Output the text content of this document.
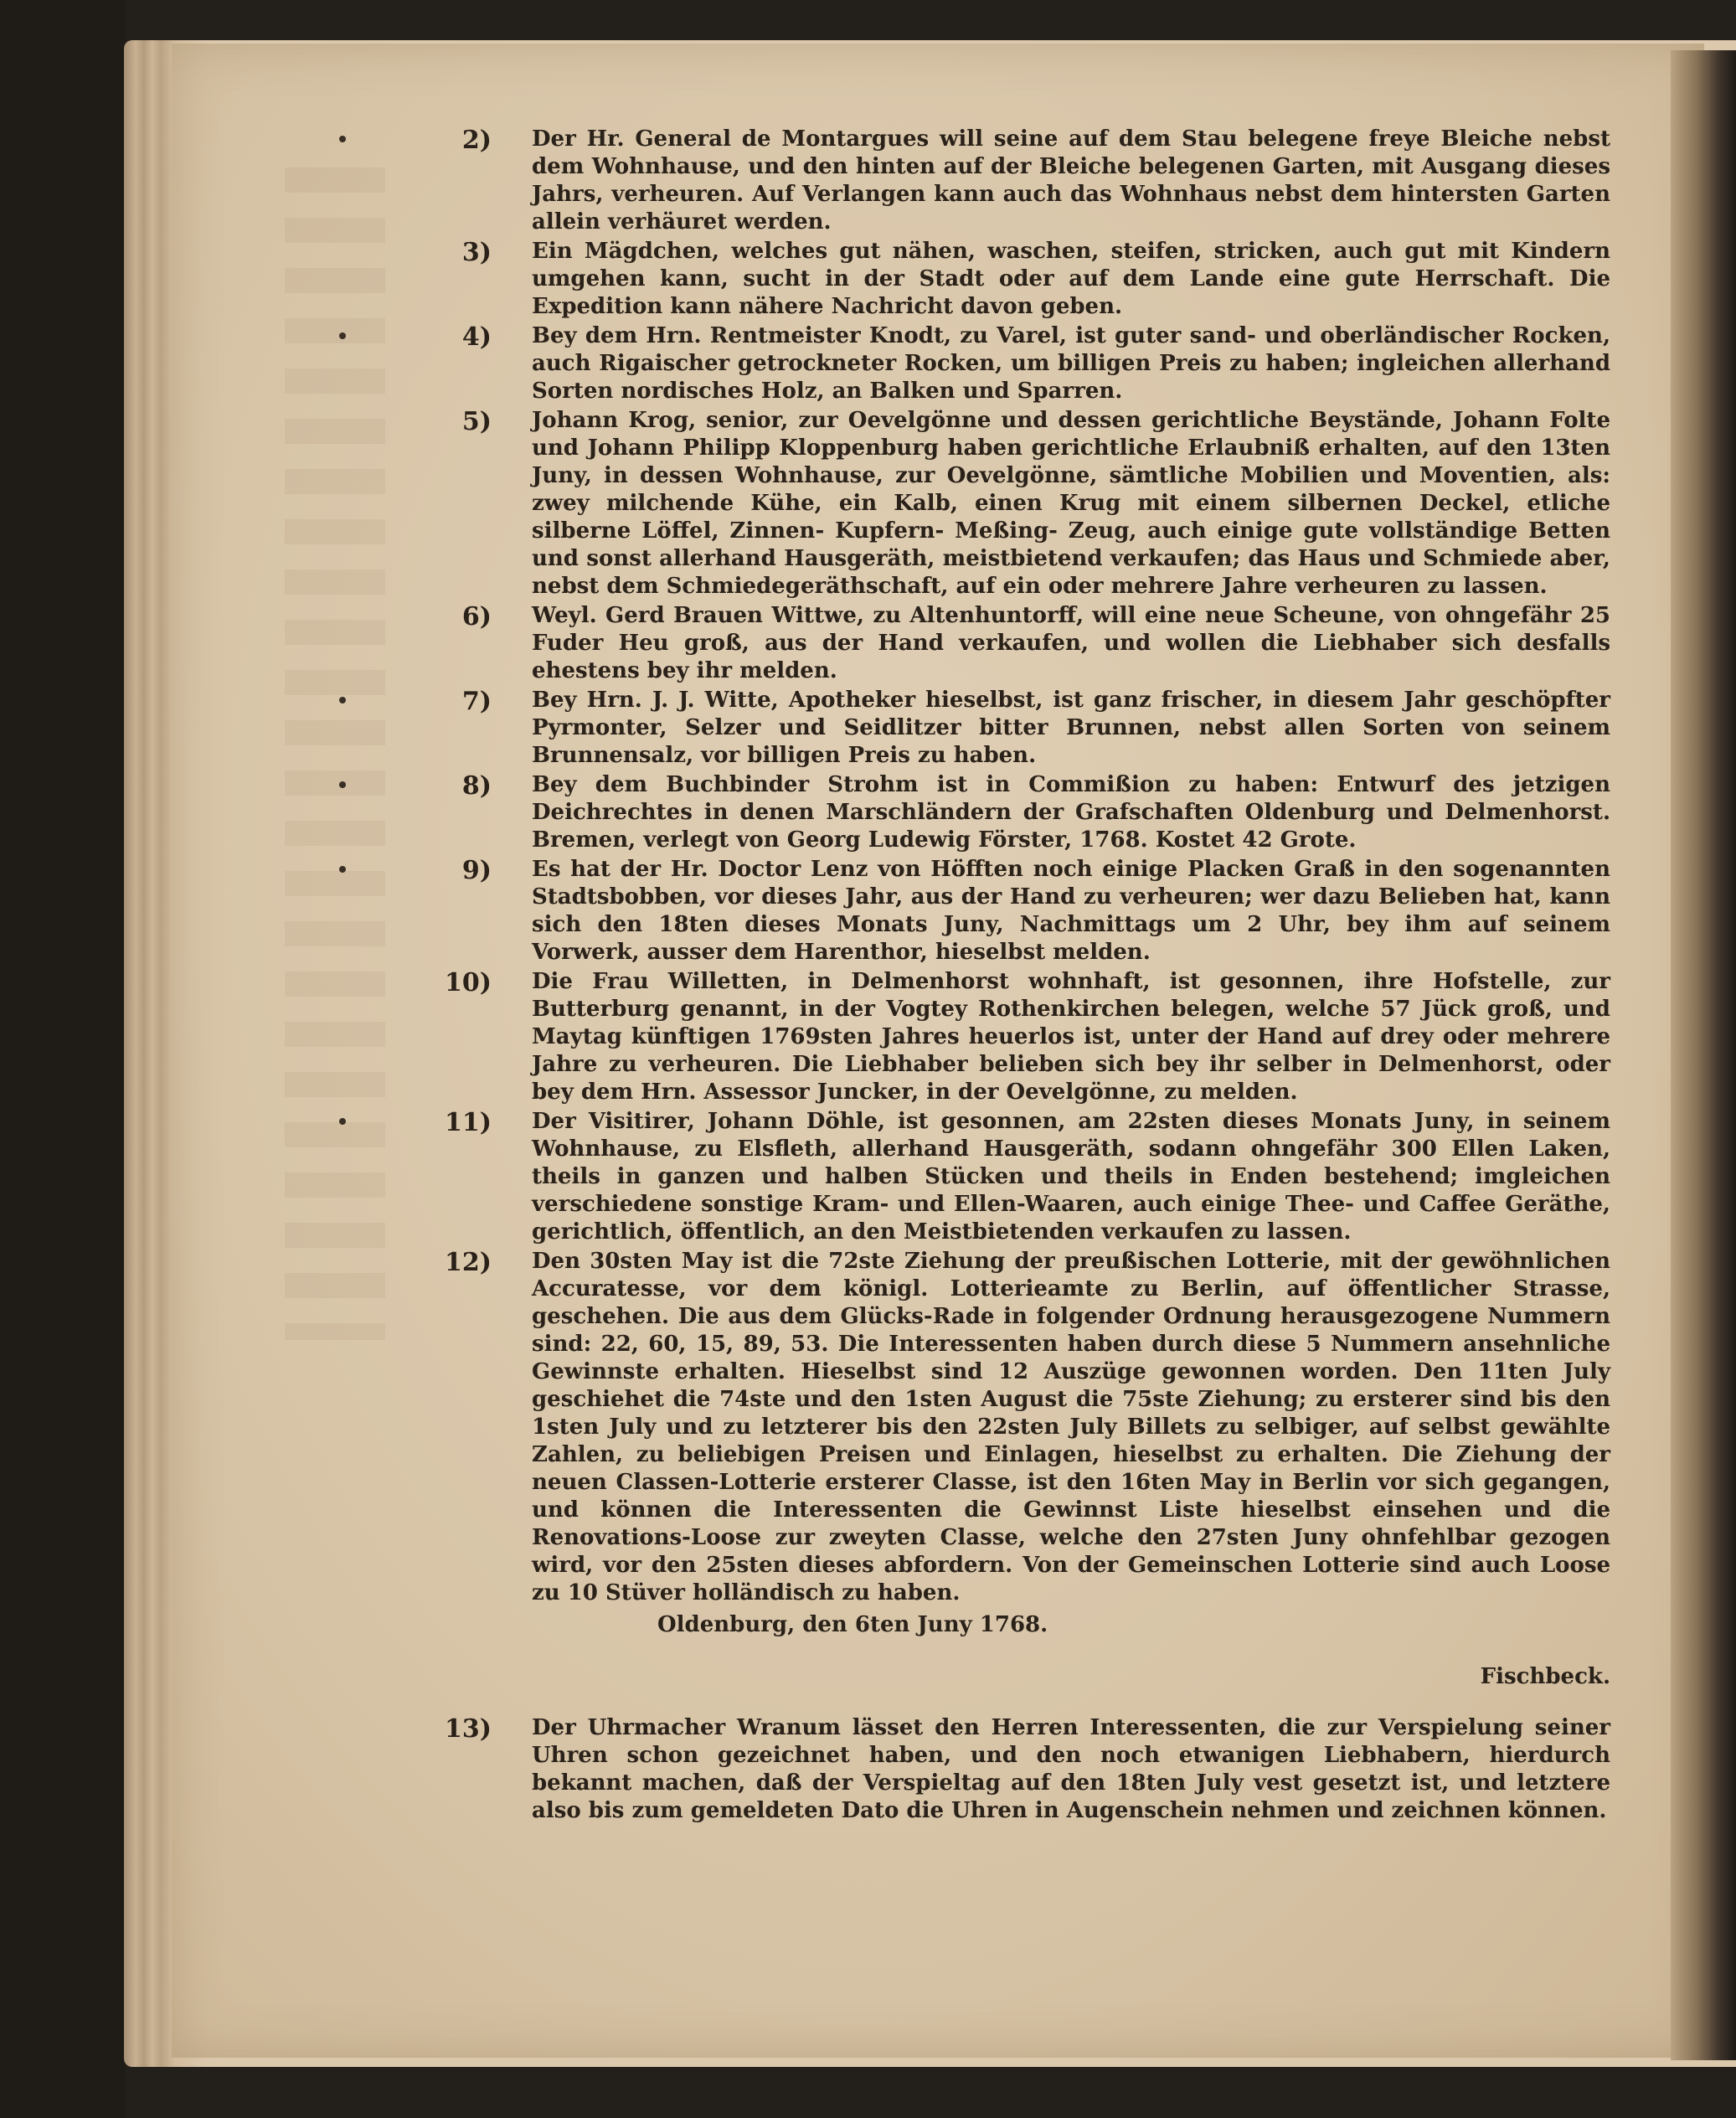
2)	Der Hr. General de Montargues will seine auf dem Stau belegene freye Bleiche nebst dem Wohnhause, und den hinten auf der Bleiche belegenen Garten, mit Ausgang dieses Jahrs, verheuren. Auf Verlangen kann auch das Wohnhaus nebst dem hintersten Garten allein verhäuret werden.
3)	Ein Mägdchen, welches gut nähen, waschen, steifen, stricken, auch gut mit Kindern umgehen kann, sucht in der Stadt oder auf dem Lande eine gute Herrschaft. Die Expedition kann nähere Nachricht davon geben.
4)	Bey dem Hrn. Rentmeister Knodt, zu Varel, ist guter sand- und oberländischer Rocken, auch Rigaischer getrockneter Rocken, um billigen Preis zu haben; ingleichen allerhand Sorten nordisches Holz, an Balken und Sparren.
5)	Johann Krog, senior, zur Oevelgönne und dessen gerichtliche Beyständе, Johann Folte und Johann Philipp Kloppenburg haben gerichtliche Erlaubniß erhalten, auf den 13ten Juny, in dessen Wohnhause, zur Oevelgönne, sämtliche Mobilien und Moventien, als: zwey milchende Kühe, ein Kalb, einen Krug mit einem silbernen Deckel, etliche silberne Löffel, Zinnen- Kupfern- Meßing- Zeug, auch einige gute vollständige Betten und sonst allerhand Hausgeräth, meistbietend verkaufen; das Haus und Schmiede aber, nebst dem Schmiedegeräthschaft, auf ein oder mehrere Jahre verheuren zu lassen.
6)	Weyl. Gerd Brauen Wittwe, zu Altenhuntorff, will eine neue Scheune, von ohngefähr 25 Fuder Heu groß, aus der Hand verkaufen, und wollen die Liebhaber sich desfalls ehestens bey ihr melden.
7)	Bey Hrn. J. J. Witte, Apotheker hieselbst, ist ganz frischer, in diesem Jahr geschöpfter Pyrmonter, Selzer und Seidlitzer bitter Brunnen, nebst allen Sorten von seinem Brunnensalz, vor billigen Preis zu haben.
8)	Bey dem Buchbinder Strohm ist in Commißion zu haben: Entwurf des jetzigen Deichrechtes in denen Marschländern der Grafschaften Oldenburg und Delmenhorst. Bremen, verlegt von Georg Ludewig Förster, 1768. Kostet 42 Grote.
9)	Es hat der Hr. Doctor Lenz von Höfften noch einige Placken Graß in den sogenannten Stadtsbobben, vor dieses Jahr, aus der Hand zu verheuren; wer dazu Belieben hat, kann sich den 18ten dieses Monats Juny, Nachmittags um 2 Uhr, bey ihm auf seinem Vorwerk, ausser dem Harenthor, hieselbst melden.
10)	Die Frau Willetten, in Delmenhorst wohnhaft, ist gesonnen, ihre Hofstelle, zur Butterburg genannt, in der Vogtey Rothenkirchen belegen, welche 57 Jück groß, und Maytag künftigen 1769sten Jahres heuerlos ist, unter der Hand auf drey oder mehrere Jahre zu verheuren. Die Liebhaber belieben sich bey ihr selber in Delmenhorst, oder bey dem Hrn. Assessor Juncker, in der Oevelgönne, zu melden.
11)	Der Visitirer, Johann Döhle, ist gesonnen, am 22sten dieses Monats Juny, in seinem Wohnhause, zu Elsfleth, allerhand Hausgeräth, sodann ohngefähr 300 Ellen Laken, theils in ganzen und halben Stücken und theils in Enden bestehend; imgleichen verschiedene sonstige Kram- und Ellen-Waaren, auch einige Thee- und Caffee Geräthe, gerichtlich, öffentlich, an den Meistbietenden verkaufen zu lassen.
12)	Den 30sten May ist die 72ste Ziehung der preußischen Lotterie, mit der gewöhnlichen Accuratesse, vor dem königl. Lotterieamte zu Berlin, auf öffentlicher Strasse, geschehen. Die aus dem Glücks-Rade in folgender Ordnung herausgezogene Nummern sind: 22, 60, 15, 89, 53. Die Interessenten haben durch diese 5 Nummern ansehnliche Gewinnste erhalten. Hieselbst sind 12 Auszüge gewonnen worden. Den 11ten July geschiehet die 74ste und den 1sten August die 75ste Ziehung; zu ersterer sind bis den 1sten July und zu letzterer bis den 22sten July Billets zu selbiger, auf selbst gewählte Zahlen, zu beliebigen Preisen und Einlagen, hieselbst zu erhalten. Die Ziehung der neuen Classen-Lotterie ersterer Classe, ist den 16ten May in Berlin vor sich gegangen, und können die Interessenten die Gewinnst Liste hieselbst einsehen und die Renovations-Loose zur zweyten Classe, welche den 27sten Juny ohnfehlbar gezogen wird, vor den 25sten dieses abfordern. Von der Gemeinschen Lotterie sind auch Loose zu 10 Stüver holländisch zu haben.
Oldenburg, den 6ten Juny 1768.
Fischbeck.
13)	Der Uhrmacher Wranum lässet den Herren Interessenten, die zur Verspielung seiner Uhren schon gezeichnet haben, und den noch etwanigen Liebhabern, hierdurch bekannt machen, daß der Verspieltag auf den 18ten July vest gesetzt ist, und letztere also bis zum gemeldeten Dato die Uhren in Augenschein nehmen und zeichnen können.
